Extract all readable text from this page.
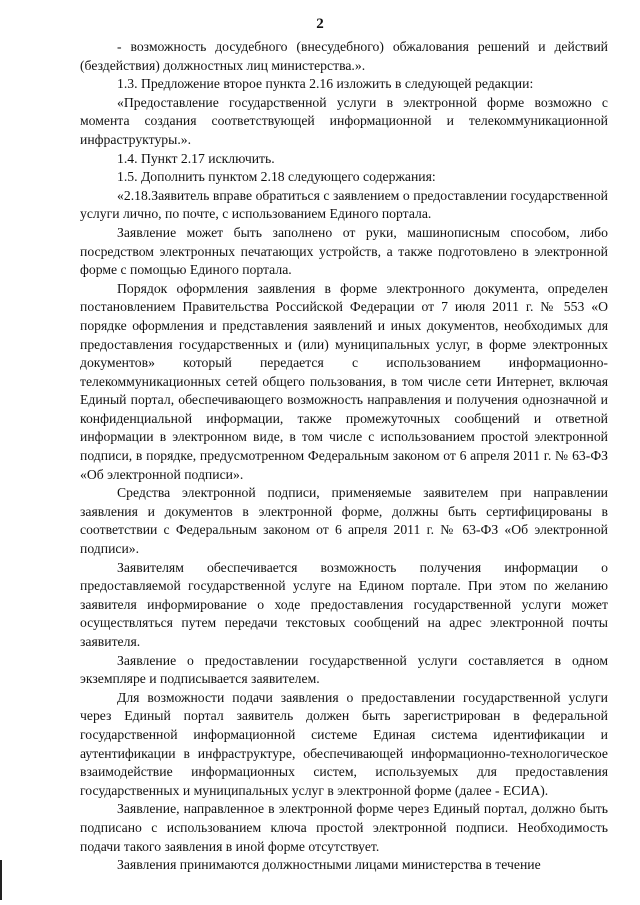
2

- возможность досудебного (внесудебного) обжалования решений и действий (бездействия) должностных лиц министерства.».

1.3. Предложение второе пункта 2.16 изложить в следующей редакции:

«Предоставление государственной услуги в электронной форме возможно с момента создания соответствующей информационной и телекоммуникационной инфраструктуры.».

1.4. Пункт 2.17 исключить.

1.5. Дополнить пунктом 2.18 следующего содержания:

«2.18.Заявитель вправе обратиться с заявлением о предоставлении государственной услуги лично, по почте, с использованием Единого портала.

Заявление может быть заполнено от руки, машинописным способом, либо посредством электронных печатающих устройств, а также подготовлено в электронной форме с помощью Единого портала.

Порядок оформления заявления в форме электронного документа, определен постановлением Правительства Российской Федерации от 7 июля 2011 г. № 553 «О порядке оформления и представления заявлений и иных документов, необходимых для предоставления государственных и (или) муниципальных услуг, в форме электронных документов» который передается с использованием информационно-телекоммуникационных сетей общего пользования, в том числе сети Интернет, включая Единый портал, обеспечивающего возможность направления и получения однозначной и конфиденциальной информации, также промежуточных сообщений и ответной информации в электронном виде, в том числе с использованием простой электронной подписи, в порядке, предусмотренном Федеральным законом от 6 апреля 2011 г. № 63-ФЗ «Об электронной подписи».

Средства электронной подписи, применяемые заявителем при направлении заявления и документов в электронной форме, должны быть сертифицированы в соответствии с Федеральным законом от 6 апреля 2011 г. № 63-ФЗ «Об электронной подписи».

Заявителям обеспечивается возможность получения информации о предоставляемой государственной услуге на Едином портале. При этом по желанию заявителя информирование о ходе предоставления государственной услуги может осуществляться путем передачи текстовых сообщений на адрес электронной почты заявителя.

Заявление о предоставлении государственной услуги составляется в одном экземпляре и подписывается заявителем.

Для возможности подачи заявления о предоставлении государственной услуги через Единый портал заявитель должен быть зарегистрирован в федеральной государственной информационной системе Единая система идентификации и аутентификации в инфраструктуре, обеспечивающей информационно-технологическое взаимодействие информационных систем, используемых для предоставления государственных и муниципальных услуг в электронной форме (далее - ЕСИА).

Заявление, направленное в электронной форме через Единый портал, должно быть подписано с использованием ключа простой электронной подписи. Необходимость подачи такого заявления в иной форме отсутствует.

Заявления принимаются должностными лицами министерства в течение
